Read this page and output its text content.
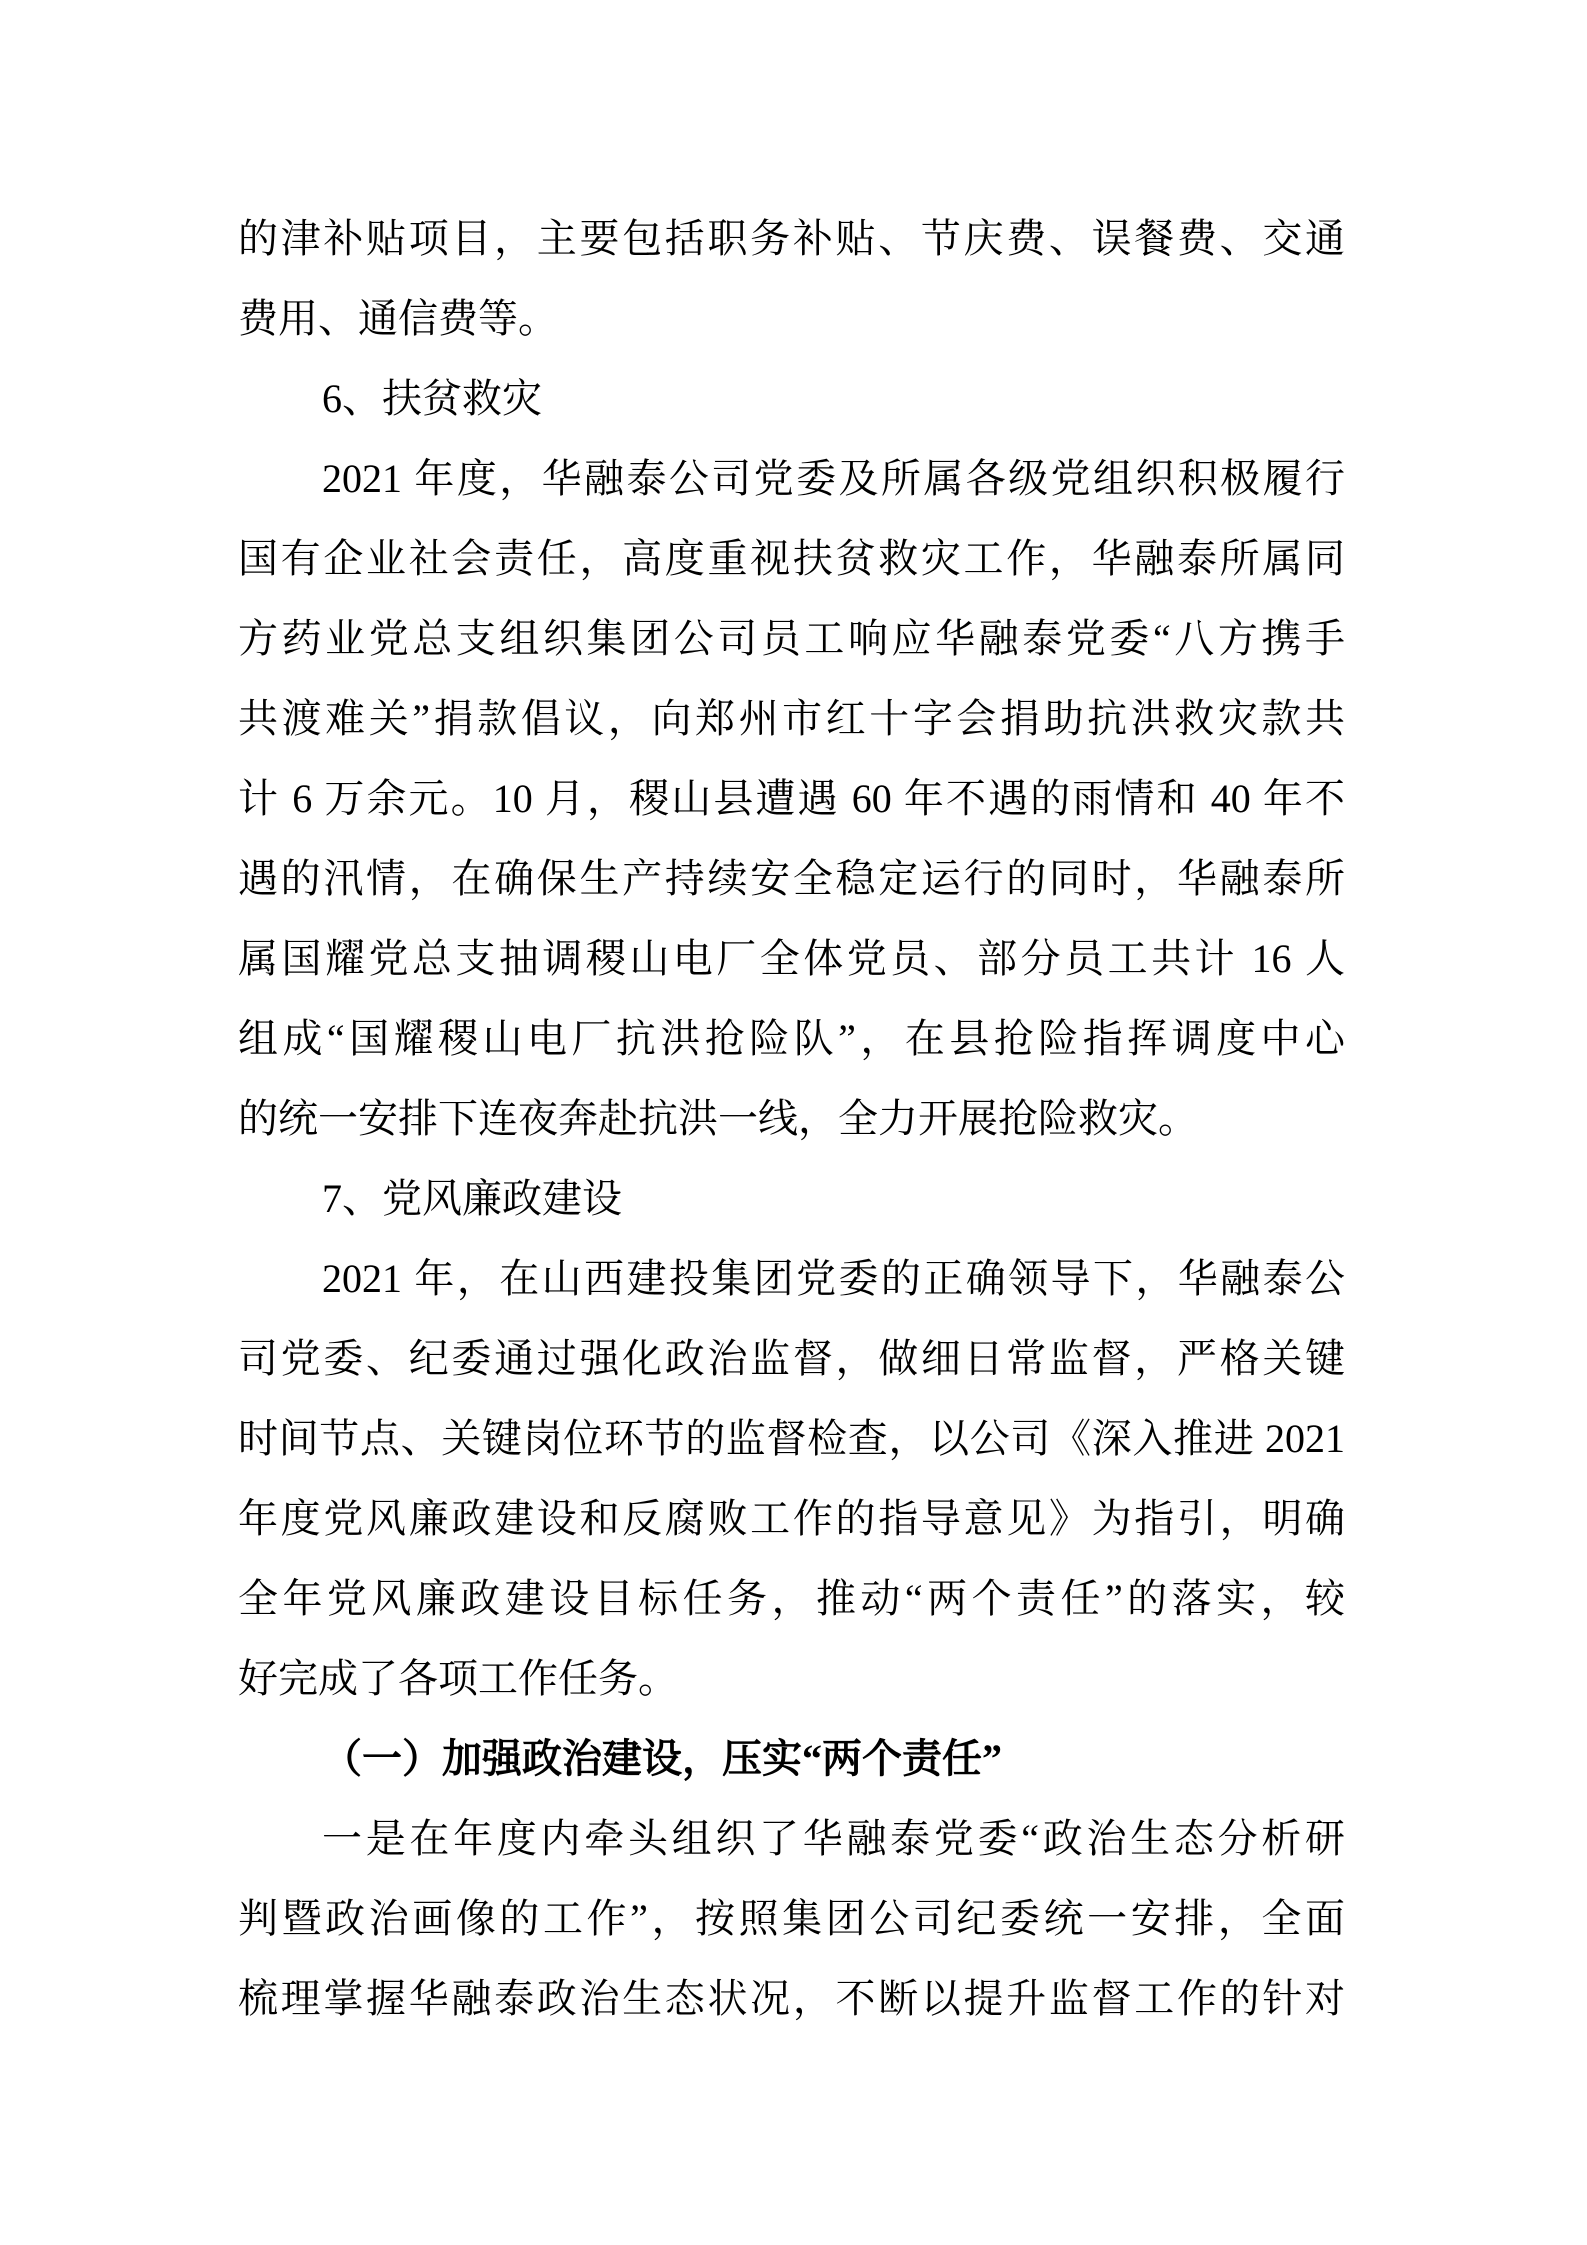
的津补贴项目，主要包括职务补贴、节庆费、误餐费、交通
费用、通信费等。
6、扶贫救灾
2021 年度，华融泰公司党委及所属各级党组织积极履行
国有企业社会责任，高度重视扶贫救灾工作，华融泰所属同
方药业党总支组织集团公司员工响应华融泰党委“八方携手
共渡难关”捐款倡议，向郑州市红十字会捐助抗洪救灾款共
计 6 万余元。10 月，稷山县遭遇 60 年不遇的雨情和 40 年不
遇的汛情，在确保生产持续安全稳定运行的同时，华融泰所
属国耀党总支抽调稷山电厂全体党员、部分员工共计 16 人
组成“国耀稷山电厂抗洪抢险队”，在县抢险指挥调度中心
的统一安排下连夜奔赴抗洪一线，全力开展抢险救灾。
7、党风廉政建设
2021 年，在山西建投集团党委的正确领导下，华融泰公
司党委、纪委通过强化政治监督，做细日常监督，严格关键
时间节点、关键岗位环节的监督检查，以公司《深入推进 2021
年度党风廉政建设和反腐败工作的指导意见》为指引，明确
全年党风廉政建设目标任务，推动“两个责任”的落实，较
好完成了各项工作任务。
（一）加强政治建设，压实“两个责任”
一是在年度内牵头组织了华融泰党委“政治生态分析研
判暨政治画像的工作”，按照集团公司纪委统一安排，全面
梳理掌握华融泰政治生态状况，不断以提升监督工作的针对
